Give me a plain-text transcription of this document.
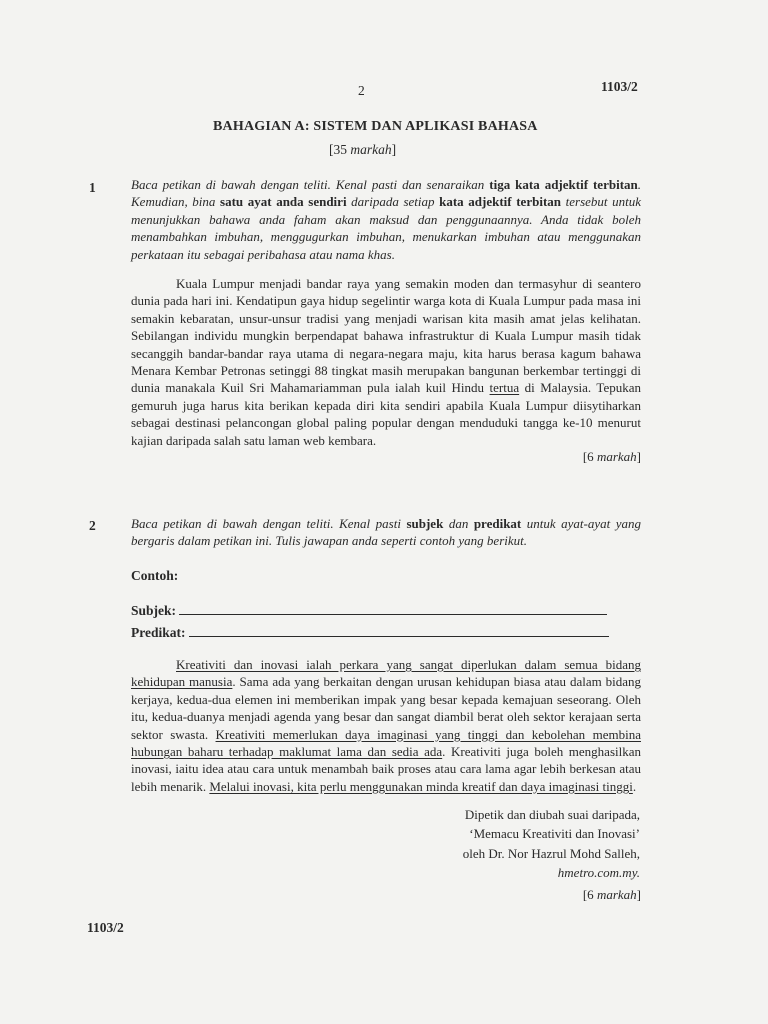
2	1103/2
BAHAGIAN A: SISTEM DAN APLIKASI BAHASA
[35 markah]
1	Baca petikan di bawah dengan teliti. Kenal pasti dan senaraikan tiga kata adjektif terbitan. Kemudian, bina satu ayat anda sendiri daripada setiap kata adjektif terbitan tersebut untuk menunjukkan bahawa anda faham akan maksud dan penggunaannya. Anda tidak boleh menambahkan imbuhan, menggugurkan imbuhan, menukarkan imbuhan atau menggunakan perkataan itu sebagai peribahasa atau nama khas.
Kuala Lumpur menjadi bandar raya yang semakin moden dan termasyhur di seantero dunia pada hari ini. Kendatipun gaya hidup segelintir warga kota di Kuala Lumpur pada masa ini semakin kebaratan, unsur-unsur tradisi yang menjadi warisan kita masih amat jelas kelihatan. Sebilangan individu mungkin berpendapat bahawa infrastruktur di Kuala Lumpur masih tidak secanggih bandar-bandar raya utama di negara-negara maju, kita harus berasa kagum bahawa Menara Kembar Petronas setinggi 88 tingkat masih merupakan bangunan berkembar tertinggi di dunia manakala Kuil Sri Mahamariamman pula ialah kuil Hindu tertua di Malaysia. Tepukan gemuruh juga harus kita berikan kepada diri kita sendiri apabila Kuala Lumpur diisytiharkan sebagai destinasi pelancongan global paling popular dengan menduduki tangga ke-10 menurut kajian daripada salah satu laman web kembara.
[6 markah]
2	Baca petikan di bawah dengan teliti. Kenal pasti subjek dan predikat untuk ayat-ayat yang bergaris dalam petikan ini. Tulis jawapan anda seperti contoh yang berikut.
Contoh:
Subjek:
Predikat:
Kreativiti dan inovasi ialah perkara yang sangat diperlukan dalam semua bidang kehidupan manusia. Sama ada yang berkaitan dengan urusan kehidupan biasa atau dalam bidang kerjaya, kedua-dua elemen ini memberikan impak yang besar kepada kemajuan seseorang. Oleh itu, kedua-duanya menjadi agenda yang besar dan sangat diambil berat oleh sektor kerajaan serta sektor swasta. Kreativiti memerlukan daya imaginasi yang tinggi dan kebolehan membina hubungan baharu terhadap maklumat lama dan sedia ada. Kreativiti juga boleh menghasilkan inovasi, iaitu idea atau cara untuk menambah baik proses atau cara lama agar lebih berkesan atau lebih menarik. Melalui inovasi, kita perlu menggunakan minda kreatif dan daya imaginasi tinggi.
Dipetik dan diubah suai daripada,
‘Memacu Kreativiti dan Inovasi’
oleh Dr. Nor Hazrul Mohd Salleh,
hmetro.com.my.
[6 markah]
1103/2
